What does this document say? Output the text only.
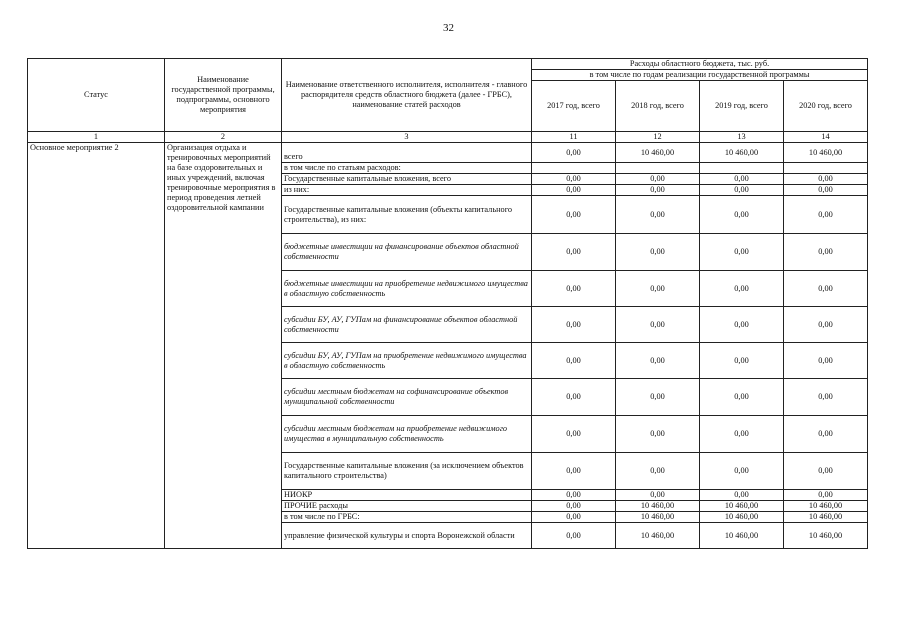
32
Статус	Наименование государственной программы, подпрограммы, основного мероприятия	Наименование ответственного исполнителя, исполнителя - главного распорядителя средств областного бюджета (далее - ГРБС), наименование статей расходов	Расходы областного бюджета, тыс. руб.			
			в том числе по годам реализации государственной программы			
			2017 год, всего	2018 год, всего	2019 год, всего	2020 год, всего
1	2	3	11	12	13	14
Основное мероприятие 2	Организация отдыха и тренировочных мероприятий на базе оздоровительных и иных учреждений, включая тренировочные мероприятия в период проведения летней оздоровительной кампании	всего	0,00	10 460,00	10 460,00	10 460,00
		в том числе по статьям расходов:				
		Государственные капитальные вложения, всего	0,00	0,00	0,00	0,00
		из них:	0,00	0,00	0,00	0,00
		Государственные капитальные вложения (объекты капитального строительства), из них:	0,00	0,00	0,00	0,00
		бюджетные инвестиции на финансирование объектов областной собственности	0,00	0,00	0,00	0,00
		бюджетные инвестиции на приобретение недвижимого имущества в областную собственность	0,00	0,00	0,00	0,00
		субсидии БУ, АУ, ГУПам на финансирование объектов областной собственности	0,00	0,00	0,00	0,00
		субсидии БУ, АУ, ГУПам на приобретение недвижимого имущества в областную собственность	0,00	0,00	0,00	0,00
		субсидии местным бюджетам на софинансирование объектов муниципальной собственности	0,00	0,00	0,00	0,00
		субсидии местным бюджетам на приобретение недвижимого имущества в муниципальную собственность	0,00	0,00	0,00	0,00
		Государственные капитальные вложения (за исключением объектов капитального строительства)	0,00	0,00	0,00	0,00
		НИОКР	0,00	0,00	0,00	0,00
		ПРОЧИЕ расходы	0,00	10 460,00	10 460,00	10 460,00
		в том числе по ГРБС:	0,00	10 460,00	10 460,00	10 460,00
		управление физической культуры и спорта Воронежской области	0,00	10 460,00	10 460,00	10 460,00
